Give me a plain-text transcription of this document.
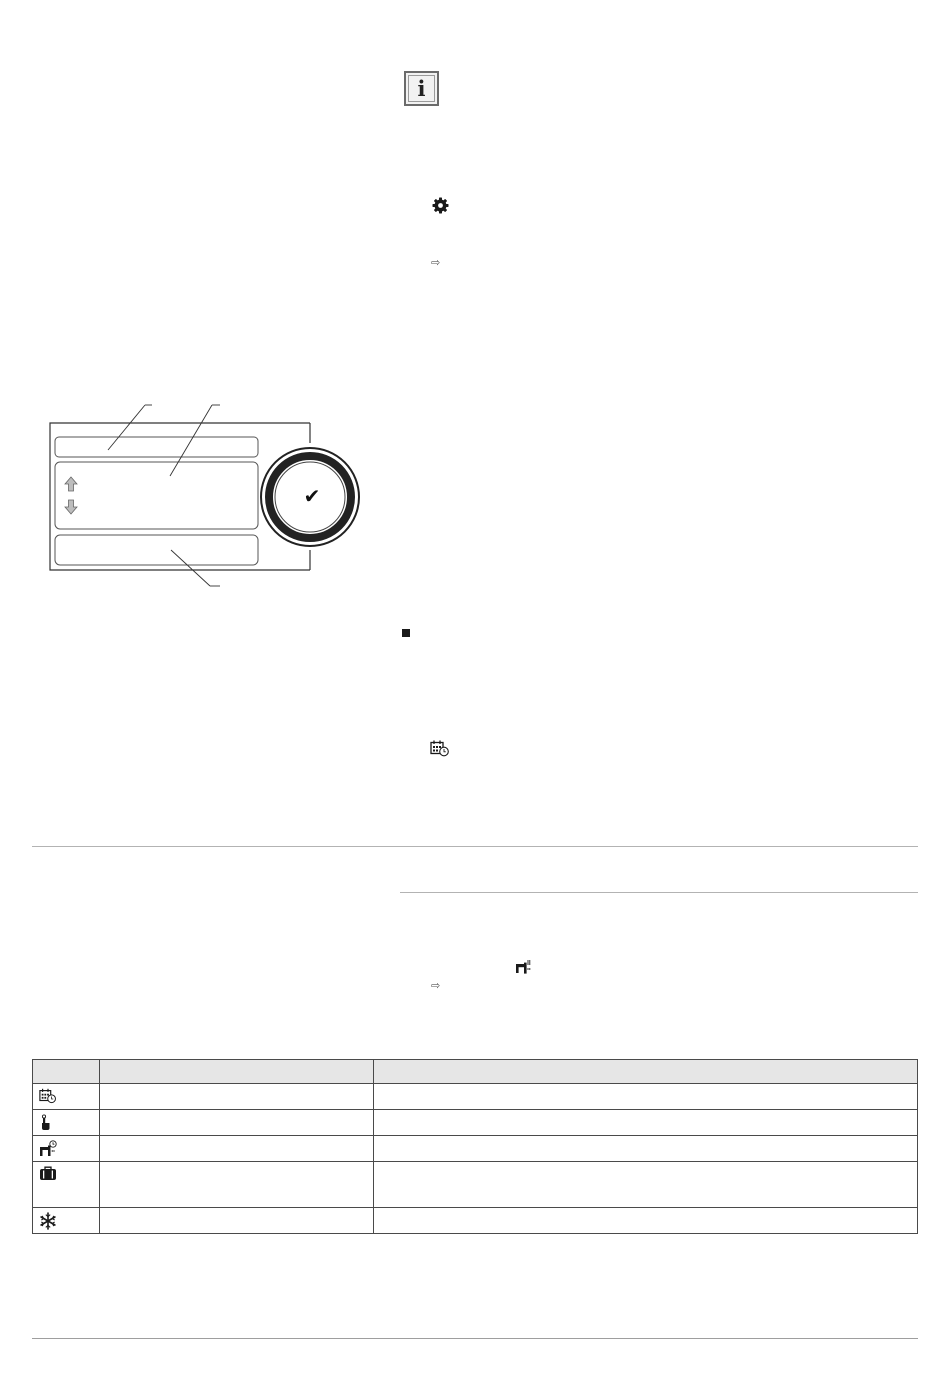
✔
i
⇨
⇨
